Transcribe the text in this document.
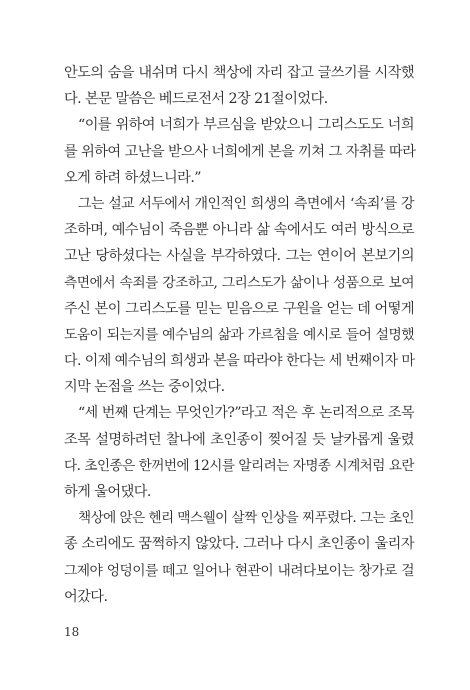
안도의 숨을 내쉬며 다시 책상에 자리 잡고 글쓰기를 시작했
다. 본문 말씀은 베드로전서 2장 21절이었다.
“이를 위하여 너희가 부르심을 받았으니 그리스도도 너희
를 위하여 고난을 받으사 너희에게 본을 끼쳐 그 자취를 따라
오게 하려 하셨느니라.”
그는 설교 서두에서 개인적인 희생의 측면에서 ‘속죄’를 강
조하며, 예수님이 죽음뿐 아니라 삶 속에서도 여러 방식으로
고난 당하셨다는 사실을 부각하였다. 그는 연이어 본보기의
측면에서 속죄를 강조하고, 그리스도가 삶이나 성품으로 보여
주신 본이 그리스도를 믿는 믿음으로 구원을 얻는 데 어떻게
도움이 되는지를 예수님의 삶과 가르침을 예시로 들어 설명했
다. 이제 예수님의 희생과 본을 따라야 한다는 세 번째이자 마
지막 논점을 쓰는 중이었다.
“세 번째 단계는 무엇인가?”라고 적은 후 논리적으로 조목
조목 설명하려던 찰나에 초인종이 찢어질 듯 날카롭게 울렸
다. 초인종은 한꺼번에 12시를 알리려는 자명종 시계처럼 요란
하게 울어댔다.
책상에 앉은 헨리 맥스웰이 살짝 인상을 찌푸렸다. 그는 초인
종 소리에도 꿈쩍하지 않았다. 그러나 다시 초인종이 울리자
그제야 엉덩이를 떼고 일어나 현관이 내려다보이는 창가로 걸
어갔다.
18
